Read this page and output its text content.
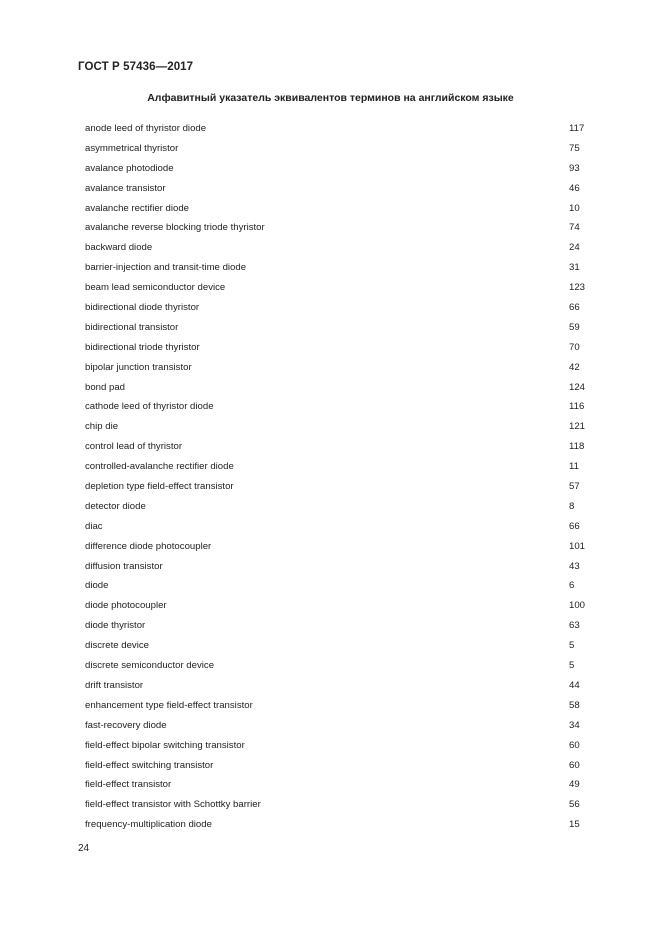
ГОСТ Р 57436—2017
Алфавитный указатель эквивалентов терминов на английском языке
anode leed of thyristor diode	117
asymmetrical thyristor	75
avalance photodiode	93
avalance transistor	46
avalanche rectifier diode	10
avalanche reverse blocking triode thyristor	74
backward diode	24
barrier-injection and transit-time diode	31
beam lead semiconductor device	123
bidirectional diode thyristor	66
bidirectional transistor	59
bidirectional triode thyristor	70
bipolar junction transistor	42
bond pad	124
cathode leed of thyristor diode	116
chip die	121
control lead of thyristor	118
controlled-avalanche rectifier diode	11
depletion type field-effect transistor	57
detector diode	8
diac	66
difference diode photocoupler	101
diffusion transistor	43
diode	6
diode photocoupler	100
diode thyristor	63
discrete device	5
discrete semiconductor device	5
drift transistor	44
enhancement type field-effect transistor	58
fast-recovery diode	34
field-effect bipolar switching transistor	60
field-effect switching transistor	60
field-effect transistor	49
field-effect transistor with Schottky barrier	56
frequency-multiplication diode	15
24
